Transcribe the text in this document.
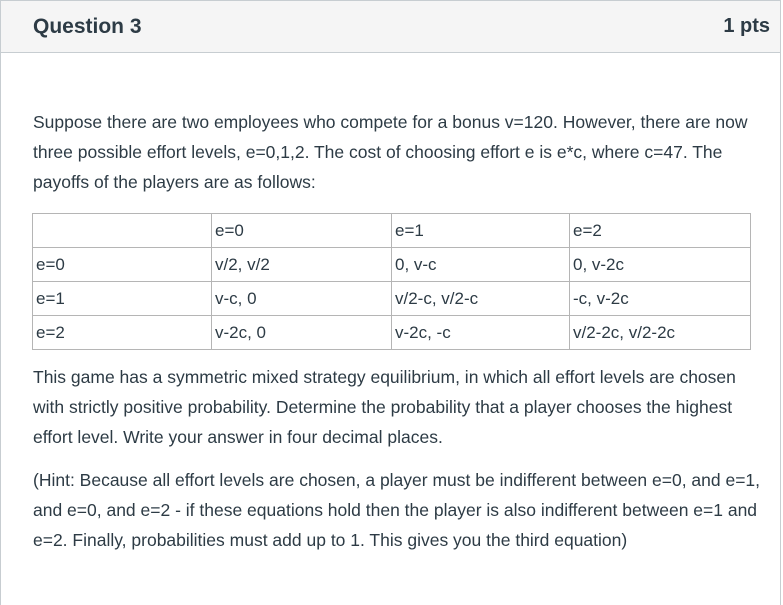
Question 3	1 pts

Suppose there are two employees who compete for a bonus v=120. However, there are now three possible effort levels, e=0,1,2. The cost of choosing effort e is e*c, where c=47. The payoffs of the players are as follows:

	e=0	e=1	e=2
e=0	v/2, v/2	0, v-c	0, v-2c
e=1	v-c, 0	v/2-c, v/2-c	-c, v-2c
e=2	v-2c, 0	v-2c, -c	v/2-2c, v/2-2c

This game has a symmetric mixed strategy equilibrium, in which all effort levels are chosen with strictly positive probability. Determine the probability that a player chooses the highest effort level. Write your answer in four decimal places.

(Hint: Because all effort levels are chosen, a player must be indifferent between e=0, and e=1, and e=0, and e=2 - if these equations hold then the player is also indifferent between e=1 and e=2. Finally, probabilities must add up to 1. This gives you the third equation)
